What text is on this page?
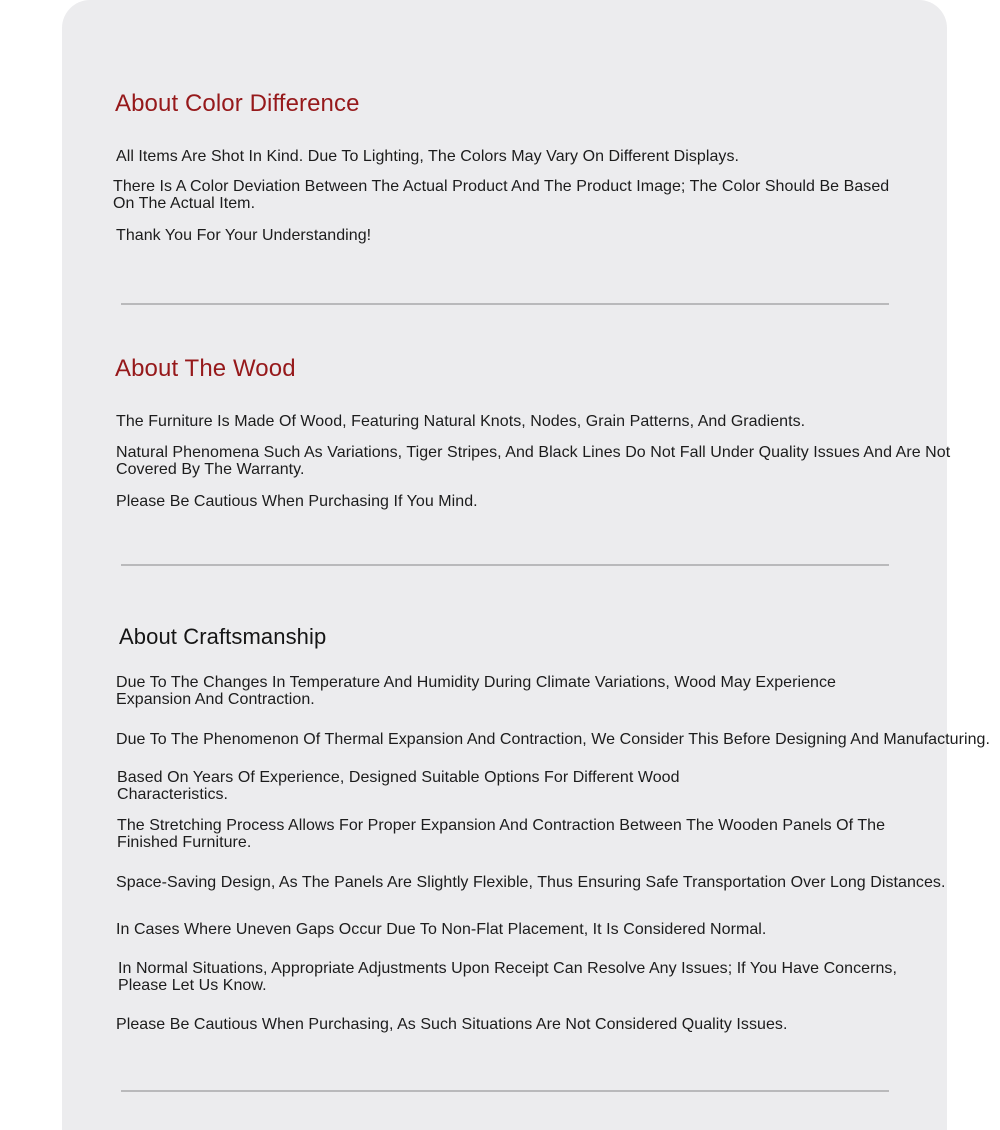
About Color Difference

All Items Are Shot In Kind. Due To Lighting, The Colors May Vary On Different Displays.

There Is A Color Deviation Between The Actual Product And The Product Image; The Color Should Be Based On The Actual Item.

Thank You For Your Understanding!

About The Wood

The Furniture Is Made Of Wood, Featuring Natural Knots, Nodes, Grain Patterns, And Gradients.

Natural Phenomena Such As Variations, Tiger Stripes, And Black Lines Do Not Fall Under Quality Issues And Are Not Covered By The Warranty.

Please Be Cautious When Purchasing If You Mind.

About Craftsmanship

Due To The Changes In Temperature And Humidity During Climate Variations, Wood May Experience Expansion And Contraction.

Due To The Phenomenon Of Thermal Expansion And Contraction, We Consider This Before Designing And Manufacturing.

Based On Years Of Experience, Designed Suitable Options For Different Wood Characteristics.

The Stretching Process Allows For Proper Expansion And Contraction Between The Wooden Panels Of The Finished Furniture.

Space-Saving Design, As The Panels Are Slightly Flexible, Thus Ensuring Safe Transportation Over Long Distances.

In Cases Where Uneven Gaps Occur Due To Non-Flat Placement, It Is Considered Normal.

In Normal Situations, Appropriate Adjustments Upon Receipt Can Resolve Any Issues; If You Have Concerns, Please Let Us Know.

Please Be Cautious When Purchasing, As Such Situations Are Not Considered Quality Issues.
